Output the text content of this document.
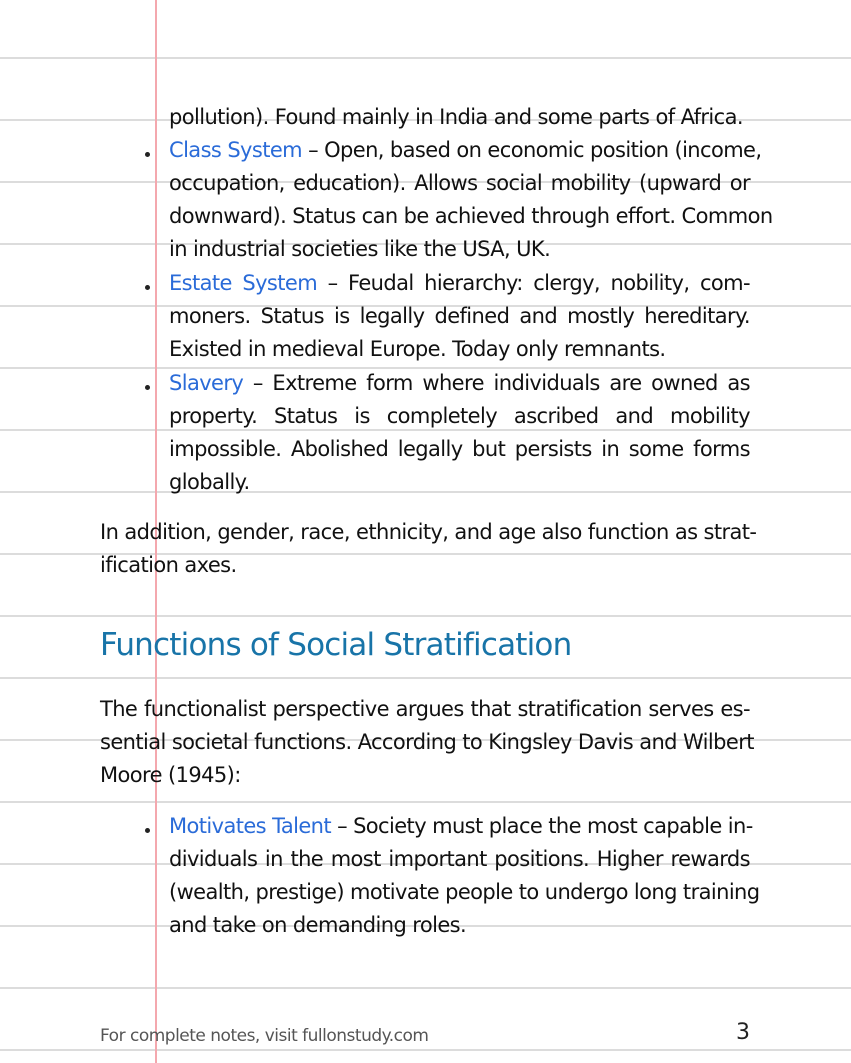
pollution). Found mainly in India and some parts of Africa.
Class System – Open, based on economic position (income,
occupation, education). Allows social mobility (upward or
downward). Status can be achieved through effort. Common
in industrial societies like the USA, UK.
Estate System – Feudal hierarchy: clergy, nobility, com-
moners. Status is legally defined and mostly hereditary.
Existed in medieval Europe. Today only remnants.
Slavery – Extreme form where individuals are owned as
property. Status is completely ascribed and mobility
impossible. Abolished legally but persists in some forms
globally.
In addition, gender, race, ethnicity, and age also function as strat-
ification axes.
Functions of Social Stratification
The functionalist perspective argues that stratification serves es-
sential societal functions. According to Kingsley Davis and Wilbert
Moore (1945):
Motivates Talent – Society must place the most capable in-
dividuals in the most important positions. Higher rewards
(wealth, prestige) motivate people to undergo long training
and take on demanding roles.
For complete notes, visit fullonstudy.com	3
